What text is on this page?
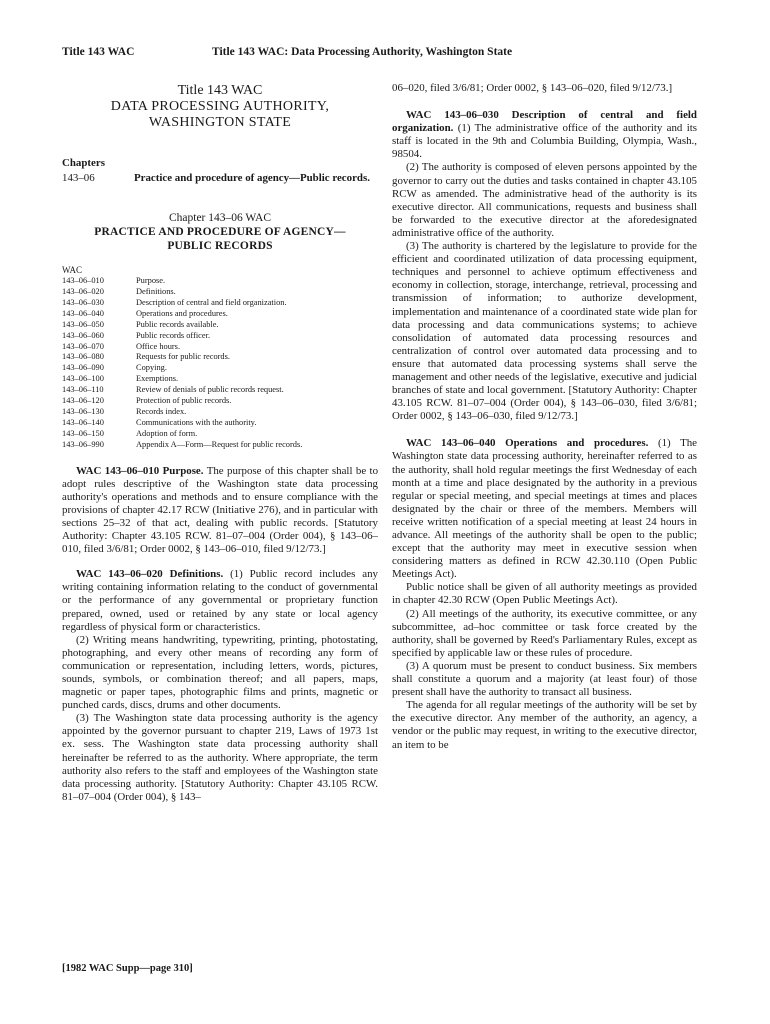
Title 143 WAC	Title 143 WAC: Data Processing Authority, Washington State
Title 143 WAC
DATA PROCESSING AUTHORITY,
WASHINGTON STATE
Chapters
143–06	Practice and procedure of agency—Public records.
Chapter 143–06 WAC
PRACTICE AND PROCEDURE OF AGENCY—
PUBLIC RECORDS
WAC
143–06–010	Purpose.
143–06–020	Definitions.
143–06–030	Description of central and field organization.
143–06–040	Operations and procedures.
143–06–050	Public records available.
143–06–060	Public records officer.
143–06–070	Office hours.
143–06–080	Requests for public records.
143–06–090	Copying.
143–06–100	Exemptions.
143–06–110	Review of denials of public records request.
143–06–120	Protection of public records.
143–06–130	Records index.
143–06–140	Communications with the authority.
143–06–150	Adoption of form.
143–06–990	Appendix A—Form—Request for public records.
WAC 143–06–010 Purpose. The purpose of this chapter shall be to adopt rules descriptive of the Washington state data processing authority's operations and methods and to ensure compliance with the provisions of chapter 42.17 RCW (Initiative 276), and in particular with sections 25–32 of that act, dealing with public records. [Statutory Authority: Chapter 43.105 RCW. 81–07–004 (Order 004), § 143–06–010, filed 3/6/81; Order 0002, § 143–06–010, filed 9/12/73.]
WAC 143–06–020 Definitions. (1) Public record includes any writing containing information relating to the conduct of governmental or the performance of any governmental or proprietary function prepared, owned, used or retained by any state or local agency regardless of physical form or characteristics.

(2) Writing means handwriting, typewriting, printing, photostating, photographing, and every other means of recording any form of communication or representation, including letters, words, pictures, sounds, symbols, or combination thereof; and all papers, maps, magnetic or paper tapes, photographic films and prints, magnetic or punched cards, discs, drums and other documents.

(3) The Washington state data processing authority is the agency appointed by the governor pursuant to chapter 219, Laws of 1973 1st ex. sess. The Washington state data processing authority shall hereinafter be referred to as the authority. Where appropriate, the term authority also refers to the staff and employees of the Washington state data processing authority. [Statutory Authority: Chapter 43.105 RCW. 81–07–004 (Order 004), § 143–

06–020, filed 3/6/81; Order 0002, § 143–06–020, filed 9/12/73.]
WAC 143–06–030 Description of central and field organization. (1) The administrative office of the authority and its staff is located in the 9th and Columbia Building, Olympia, Wash., 98504.

(2) The authority is composed of eleven persons appointed by the governor to carry out the duties and tasks contained in chapter 43.105 RCW as amended. The administrative head of the authority is its executive director. All communications, requests and business shall be forwarded to the executive director at the aforedesignated administrative office of the authority.

(3) The authority is chartered by the legislature to provide for the efficient and coordinated utilization of data processing equipment, techniques and personnel to achieve optimum effectiveness and economy in collection, storage, interchange, retrieval, processing and transmission of information; to authorize development, implementation and maintenance of a coordinated state wide plan for data processing and data communications systems; to achieve consolidation of automated data processing resources and centralization of control over automated data processing and to ensure that automated data processing systems shall serve the management and other needs of the legislative, executive and judicial branches of state and local government. [Statutory Authority: Chapter 43.105 RCW. 81–07–004 (Order 004), § 143–06–030, filed 3/6/81; Order 0002, § 143–06–030, filed 9/12/73.]

WAC 143–06–040 Operations and procedures. (1) The Washington state data processing authority, hereinafter referred to as the authority, shall hold regular meetings the first Wednesday of each month at a time and place designated by the authority in a previous regular or special meeting, and special meetings at times and places designated by the chair or three of the members. Members will receive written notification of a special meeting at least 24 hours in advance. All meetings of the authority shall be open to the public; except that the authority may meet in executive session when considering matters as defined in RCW 42.30.110 (Open Public Meetings Act).

Public notice shall be given of all authority meetings as provided in chapter 42.30 RCW (Open Public Meetings Act).

(2) All meetings of the authority, its executive committee, or any subcommittee, ad–hoc committee or task force created by the authority, shall be governed by Reed's Parliamentary Rules, except as specified by applicable law or these rules of procedure.

(3) A quorum must be present to conduct business. Six members shall constitute a quorum and a majority (at least four) of those present shall have the authority to transact all business.

The agenda for all regular meetings of the authority will be set by the executive director. Any member of the authority, an agency, a vendor or the public may request, in writing to the executive director, an item to be

[1982 WAC Supp—page 310]
